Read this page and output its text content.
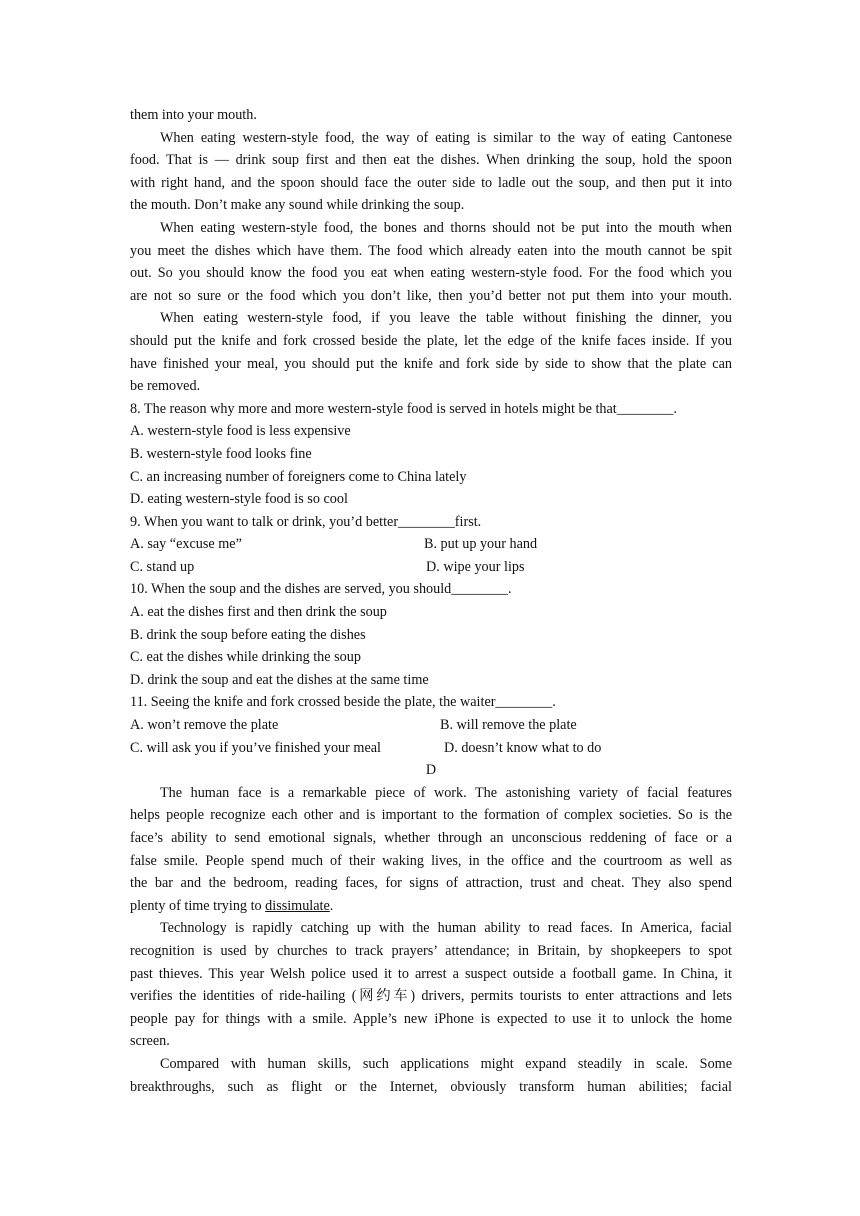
them into your mouth.
When eating western-style food, the way of eating is similar to the way of eating Cantonese
food. That is — drink soup first and then eat the dishes. When drinking the soup, hold the spoon
with right hand, and the spoon should face the outer side to ladle out the soup, and then put it into
the mouth. Don’t make any sound while drinking the soup.
When eating western-style food, the bones and thorns should not be put into the mouth when
you meet the dishes which have them. The food which already eaten into the mouth cannot be spit
out. So you should know the food you eat when eating western-style food. For the food which you
are not so sure or the food which you don’t like, then you’d better not put them into your mouth.
When eating western-style food, if you leave the table without finishing the dinner, you
should put the knife and fork crossed beside the plate, let the edge of the knife faces inside. If you
have finished your meal, you should put the knife and fork side by side to show that the plate can
be removed.
8. The reason why more and more western-style food is served in hotels might be that________.
A. western-style food is less expensive
B. western-style food looks fine
C. an increasing number of foreigners come to China lately
D. eating western-style food is so cool
9. When you want to talk or drink, you’d better________first.
A. say “excuse me”	B. put up your hand
C. stand up	D. wipe your lips
10. When the soup and the dishes are served, you should________.
A. eat the dishes first and then drink the soup
B. drink the soup before eating the dishes
C. eat the dishes while drinking the soup
D. drink the soup and eat the dishes at the same time
11. Seeing the knife and fork crossed beside the plate, the waiter________.
A. won’t remove the plate	B. will remove the plate
C. will ask you if you’ve finished your meal	D. doesn’t know what to do
D
The human face is a remarkable piece of work. The astonishing variety of facial features
helps people recognize each other and is important to the formation of complex societies. So is the
face’s ability to send emotional signals, whether through an unconscious reddening of face or a
false smile. People spend much of their waking lives, in the office and the courtroom as well as
the bar and the bedroom, reading faces, for signs of attraction, trust and cheat. They also spend
plenty of time trying to dissimulate.
Technology is rapidly catching up with the human ability to read faces. In America, facial
recognition is used by churches to track prayers’ attendance; in Britain, by shopkeepers to spot
past thieves. This year Welsh police used it to arrest a suspect outside a football game. In China, it
verifies the identities of ride-hailing (网约车) drivers, permits tourists to enter attractions and lets
people pay for things with a smile. Apple’s new iPhone is expected to use it to unlock the home
screen.
Compared with human skills, such applications might expand steadily in scale. Some
breakthroughs, such as flight or the Internet, obviously transform human abilities; facial
